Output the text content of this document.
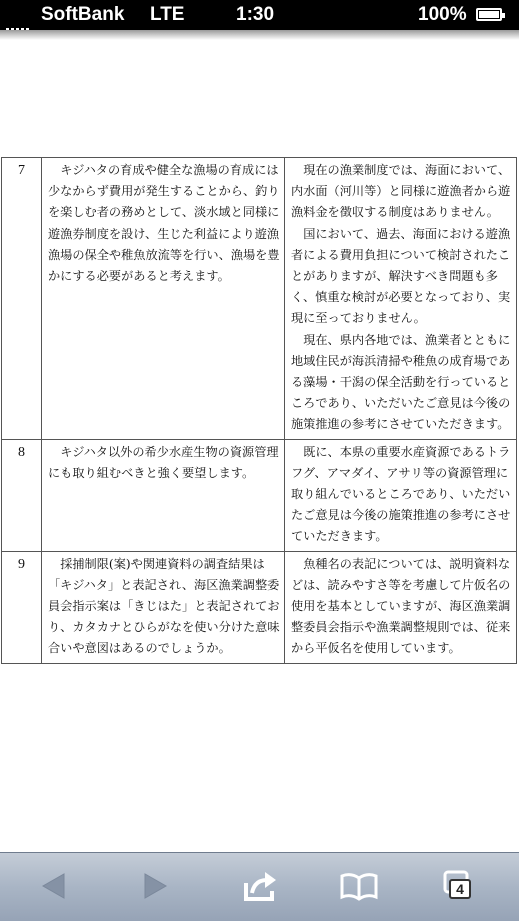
SoftBank LTE	1:30	100%
7	キジハタの育成や健全な漁場の育成には少なからず費用が発生することから、釣りを楽しむ者の務めとして、淡水域と同様に遊漁券制度を設け、生じた利益により遊漁漁場の保全や稚魚放流等を行い、漁場を豊かにする必要があると考えます。	現在の漁業制度では、海面において、内水面（河川等）と同様に遊漁者から遊漁料金を徴収する制度はありません。

国において、過去、海面における遊漁者による費用負担について検討されたことがありますが、解決すべき問題も多く、慎重な検討が必要となっており、実現に至っておりません。

現在、県内各地では、漁業者とともに地域住民が海浜清掃や稚魚の成育場である藻場・干潟の保全活動を行っているところであり、いただいたご意見は今後の施策推進の参考にさせていただきます。

8	キジハタ以外の希少水産生物の資源管理にも取り組むべきと強く要望します。	既に、本県の重要水産資源であるトラフグ、アマダイ、アサリ等の資源管理に取り組んでいるところであり、いただいたご意見は今後の施策推進の参考にさせていただきます。

9	採捕制限(案)や関連資料の調査結果は「キジハタ」と表記され、海区漁業調整委員会指示案は「きじはた」と表記されており、カタカナとひらがなを使い分けた意味合いや意図はあるのでしょうか。	魚種名の表記については、説明資料などは、読みやすさ等を考慮して片仮名の使用を基本としていますが、海区漁業調整委員会指示や漁業調整規則では、従来から平仮名を使用しています。

4
